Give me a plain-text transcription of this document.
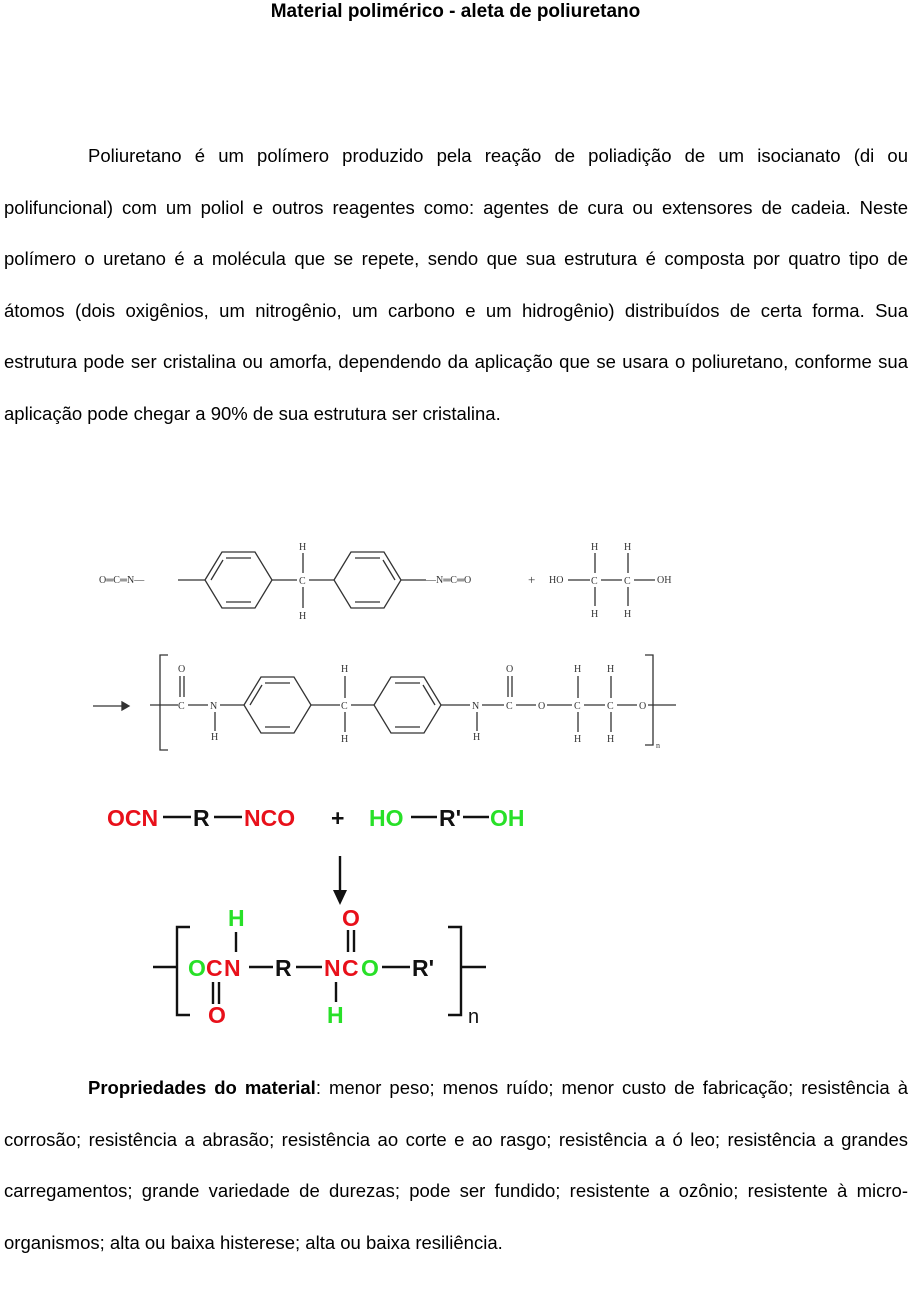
Material polimérico - aleta de poliuretano

Poliuretano é um polímero produzido pela reação de poliadição de um isocianato (di ou polifuncional) com um poliol e outros reagentes como: agentes de cura ou extensores de cadeia. Neste polímero o uretano é a molécula que se repete, sendo que sua estrutura é composta por quatro tipo de átomos (dois oxigênios, um nitrogênio, um carbono e um hidrogênio) distribuídos de certa forma. Sua estrutura pode ser cristalina ou amorfa, dependendo da aplicação que se usara o poliuretano, conforme sua aplicação pode chegar a 90% de sua estrutura ser cristalina.

O═C═N—	C
H
H
—N═C═O	+ HO	C
H
H
C
H
H
OH
C
O
N
H
C
H
H
N
H
C
O
O	C
H
H
C
H
H
O
n
OCN R NCO + HO R' OH
O C N
H
O
R N
H
C
O
O R'
n

Propriedades do material: menor peso; menos ruído; menor custo de fabricação; resistência à corrosão; resistência a abrasão; resistência ao corte e ao rasgo; resistência a ó leo; resistência a grandes carregamentos; grande variedade de durezas; pode ser fundido; resistente a ozônio; resistente à micro-organismos; alta ou baixa histerese; alta ou baixa resiliência.
